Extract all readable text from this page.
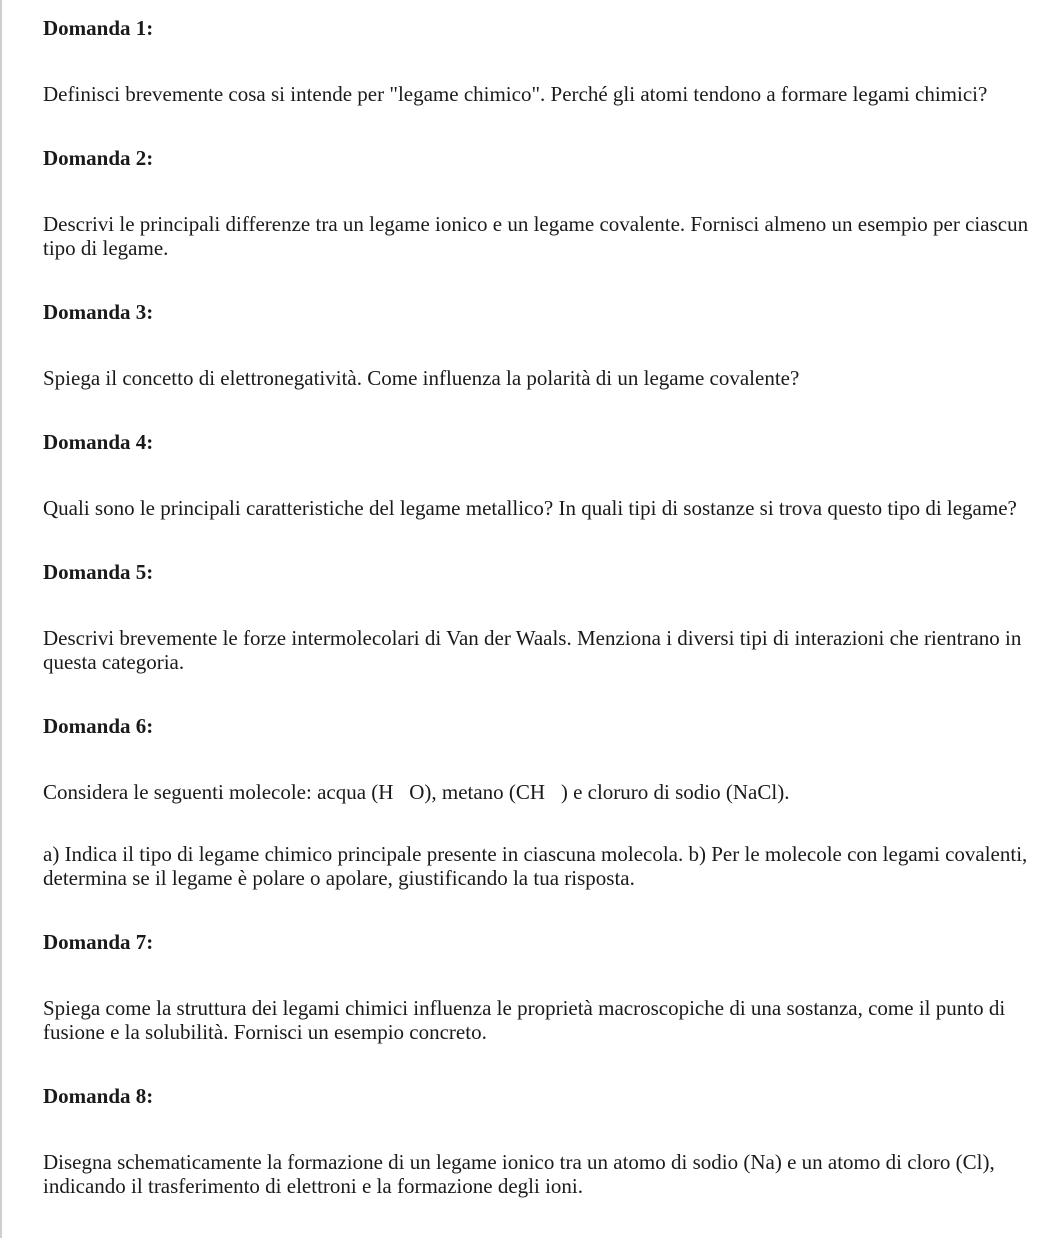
Domanda 1:

Definisci brevemente cosa si intende per "legame chimico". Perché gli atomi tendono a formare legami chimici?

Domanda 2:

Descrivi le principali differenze tra un legame ionico e un legame covalente. Fornisci almeno un esempio per ciascun tipo di legame.

Domanda 3:

Spiega il concetto di elettronegatività. Come influenza la polarità di un legame covalente?

Domanda 4:

Quali sono le principali caratteristiche del legame metallico? In quali tipi di sostanze si trova questo tipo di legame?

Domanda 5:

Descrivi brevemente le forze intermolecolari di Van der Waals. Menziona i diversi tipi di interazioni che rientrano in questa categoria.

Domanda 6:

Considera le seguenti molecole: acqua (H   O), metano (CH   ) e cloruro di sodio (NaCl).

a) Indica il tipo di legame chimico principale presente in ciascuna molecola. b) Per le molecole con legami covalenti, determina se il legame è polare o apolare, giustificando la tua risposta.

Domanda 7:

Spiega come la struttura dei legami chimici influenza le proprietà macroscopiche di una sostanza, come il punto di fusione e la solubilità. Fornisci un esempio concreto.

Domanda 8:

Disegna schematicamente la formazione di un legame ionico tra un atomo di sodio (Na) e un atomo di cloro (Cl), indicando il trasferimento di elettroni e la formazione degli ioni.
